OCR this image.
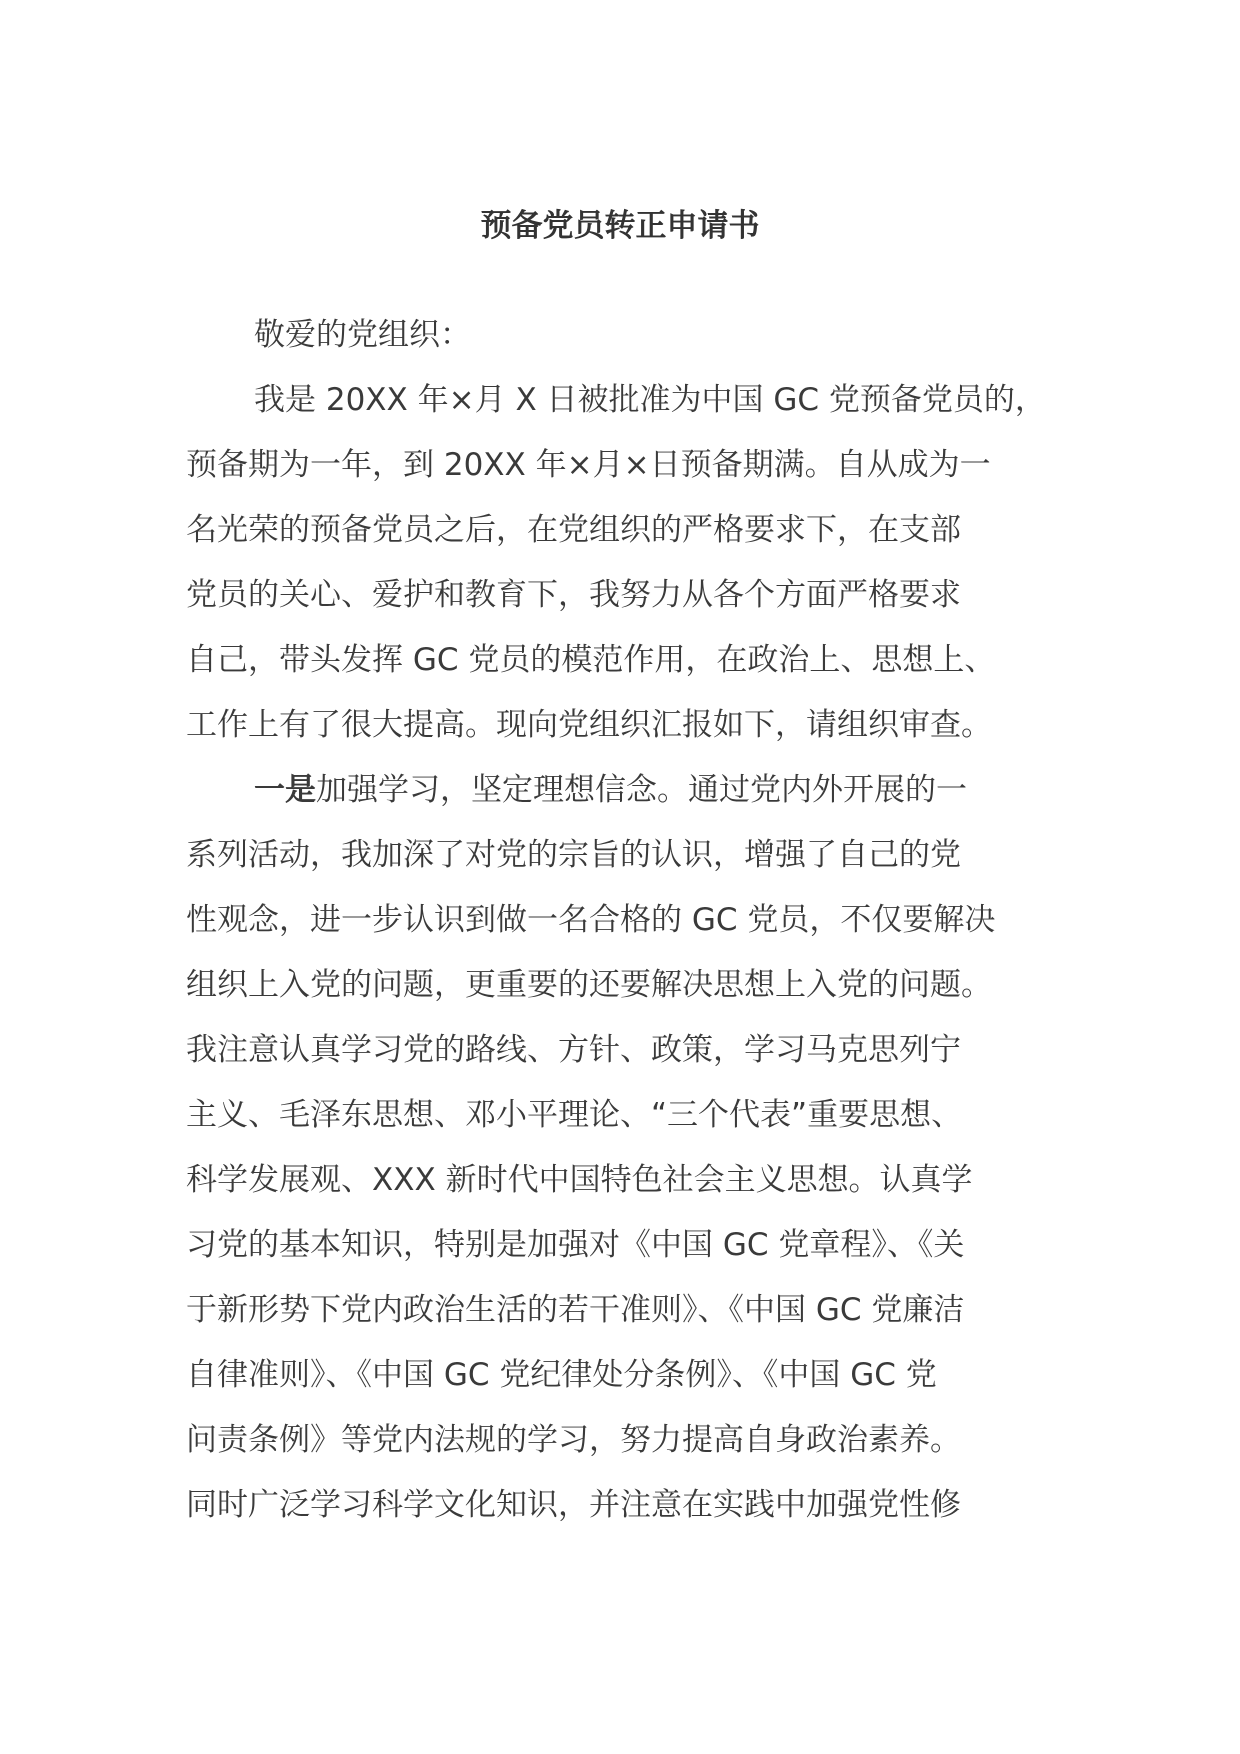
预备党员转正申请书
敬爱的党组织：
我是 20XX 年×月 X 日被批准为中国 GC 党预备党员的，
预备期为一年，到 20XX 年×月×日预备期满。自从成为一
名光荣的预备党员之后，在党组织的严格要求下，在支部
党员的关心、爱护和教育下，我努力从各个方面严格要求
自己，带头发挥 GC 党员的模范作用，在政治上、思想上、
工作上有了很大提高。现向党组织汇报如下，请组织审查。
一是加强学习，坚定理想信念。通过党内外开展的一
系列活动，我加深了对党的宗旨的认识，增强了自己的党
性观念，进一步认识到做一名合格的 GC 党员，不仅要解决
组织上入党的问题，更重要的还要解决思想上入党的问题。
我注意认真学习党的路线、方针、政策，学习马克思列宁
主义、毛泽东思想、邓小平理论、“三个代表”重要思想、
科学发展观、XXX 新时代中国特色社会主义思想。认真学
习党的基本知识，特别是加强对《中国 GC 党章程》、《关
于新形势下党内政治生活的若干准则》、《中国 GC 党廉洁
自律准则》、《中国 GC 党纪律处分条例》、《中国 GC 党
问责条例》等党内法规的学习，努力提高自身政治素养。
同时广泛学习科学文化知识，并注意在实践中加强党性修
